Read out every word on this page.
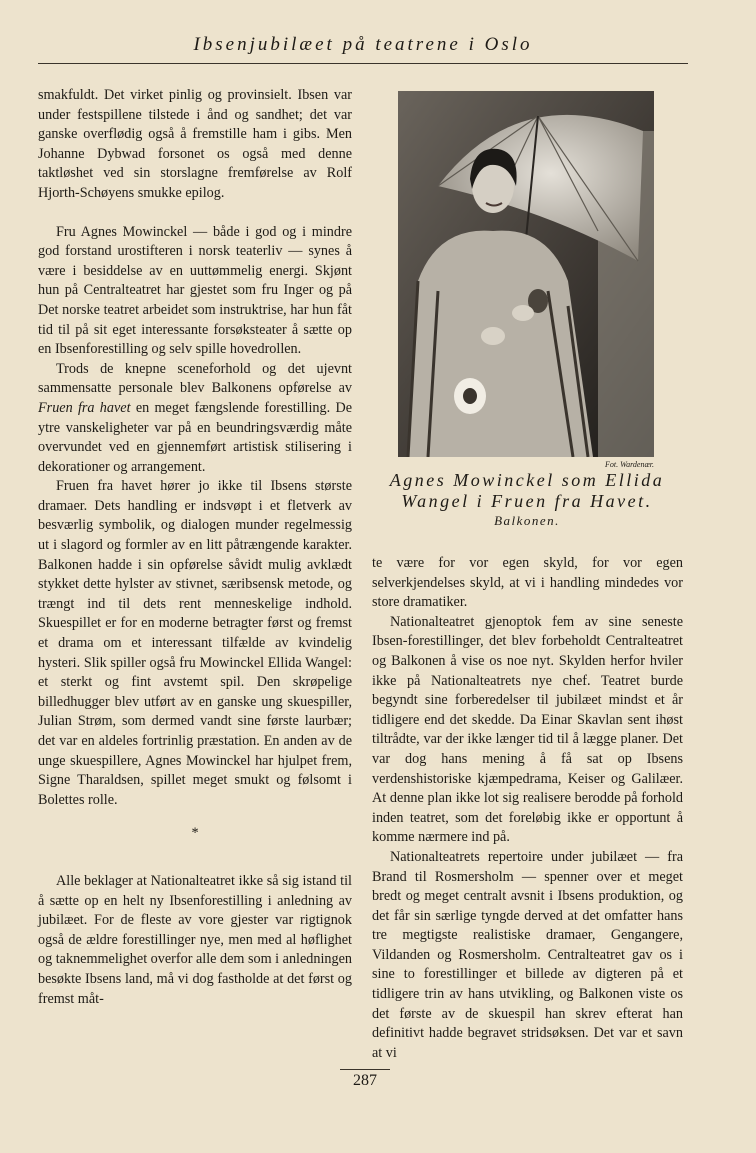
Ibsenjubilæet på teatrene i Oslo

smakfuldt. Det virket pinlig og provinsielt. Ibsen var under festspillene tilstede i ånd og sandhet; det var ganske overflødig også å fremstille ham i gibs. Men Johanne Dybwad forsonet os også med denne taktløshet ved sin storslagne fremførelse av Rolf Hjorth-Schøyens smukke epilog.

Fru Agnes Mowinckel — både i god og i mindre god forstand urostifteren i norsk teaterliv — synes å være i besiddelse av en uuttømmelig energi. Skjønt hun på Centralteatret har gjestet som fru Inger og på Det norske teatret arbeidet som instruktrise, har hun fåt tid til på sit eget interessante forsøksteater å sætte op en Ibsenforestilling og selv spille hovedrollen.

Trods de knepne sceneforhold og det ujevnt sammensatte personale blev Balkonens opførelse av Fruen fra havet en meget fængslende forestilling. De ytre vanskeligheter var på en beundringsværdig måte overvundet ved en gjennemført artistisk stilisering i dekorationer og arrangement.

Fruen fra havet hører jo ikke til Ibsens største dramaer. Dets handling er indsvøpt i et fletverk av besværlig symbolik, og dialogen munder regelmessig ut i slagord og formler av en litt påtrængende karakter. Balkonen hadde i sin opførelse såvidt mulig avklædt stykket dette hylster av stivnet, særibsensk metode, og trængt ind til dets rent menneskelige indhold. Skuespillet er for en moderne betragter først og fremst et drama om et interessant tilfælde av kvindelig hysteri. Slik spiller også fru Mowinckel Ellida Wangel: et sterkt og fint avstemt spil. Den skrøpelige billedhugger blev utført av en ganske ung skuespiller, Julian Strøm, som dermed vandt sine første laurbær; det var en aldeles fortrinlig præstation. En anden av de unge skuespillere, Agnes Mowinckel har hjulpet frem, Signe Tharaldsen, spillet meget smukt og følsomt i Bolettes rolle.

*

Alle beklager at Nationalteatret ikke så sig istand til å sætte op en helt ny Ibsenforestilling i anledning av jubilæet. For de fleste av vore gjester var rigtignok også de ældre forestillinger nye, men med al høflighet og taknemmelighet overfor alle dem som i anledningen besøkte Ibsens land, må vi dog fastholde at det først og fremst måt-

Fot. Wardenær.
Agnes Mowinckel som Ellida Wangel i Fruen fra Havet.
Balkonen.

te være for vor egen skyld, for vor egen selverkjendelses skyld, at vi i handling mindedes vor store dramatiker.

Nationalteatret gjenoptok fem av sine seneste Ibsen-forestillinger, det blev forbeholdt Centralteatret og Balkonen å vise os noe nyt. Skylden herfor hviler ikke på Nationalteatrets nye chef. Teatret burde begyndt sine forberedelser til jubilæet mindst et år tidligere end det skedde. Da Einar Skavlan sent ihøst tiltrådte, var der ikke længer tid til å lægge planer. Det var dog hans mening å få sat op Ibsens verdenshistoriske kjæmpedrama, Keiser og Galilæer. At denne plan ikke lot sig realisere berodde på forhold inden teatret, som det foreløbig ikke er opportunt å komme nærmere ind på.

Nationalteatrets repertoire under jubilæet — fra Brand til Rosmersholm — spenner over et meget bredt og meget centralt avsnit i Ibsens produktion, og det får sin særlige tyngde derved at det omfatter hans tre megtigste realistiske dramaer, Gengangere, Vildanden og Rosmersholm. Centralteatret gav os i sine to forestillinger et billede av digteren på et tidligere trin av hans utvikling, og Balkonen viste os det første av de skuespil han skrev efterat han definitivt hadde begravet stridsøksen. Det var et savn at vi

287
